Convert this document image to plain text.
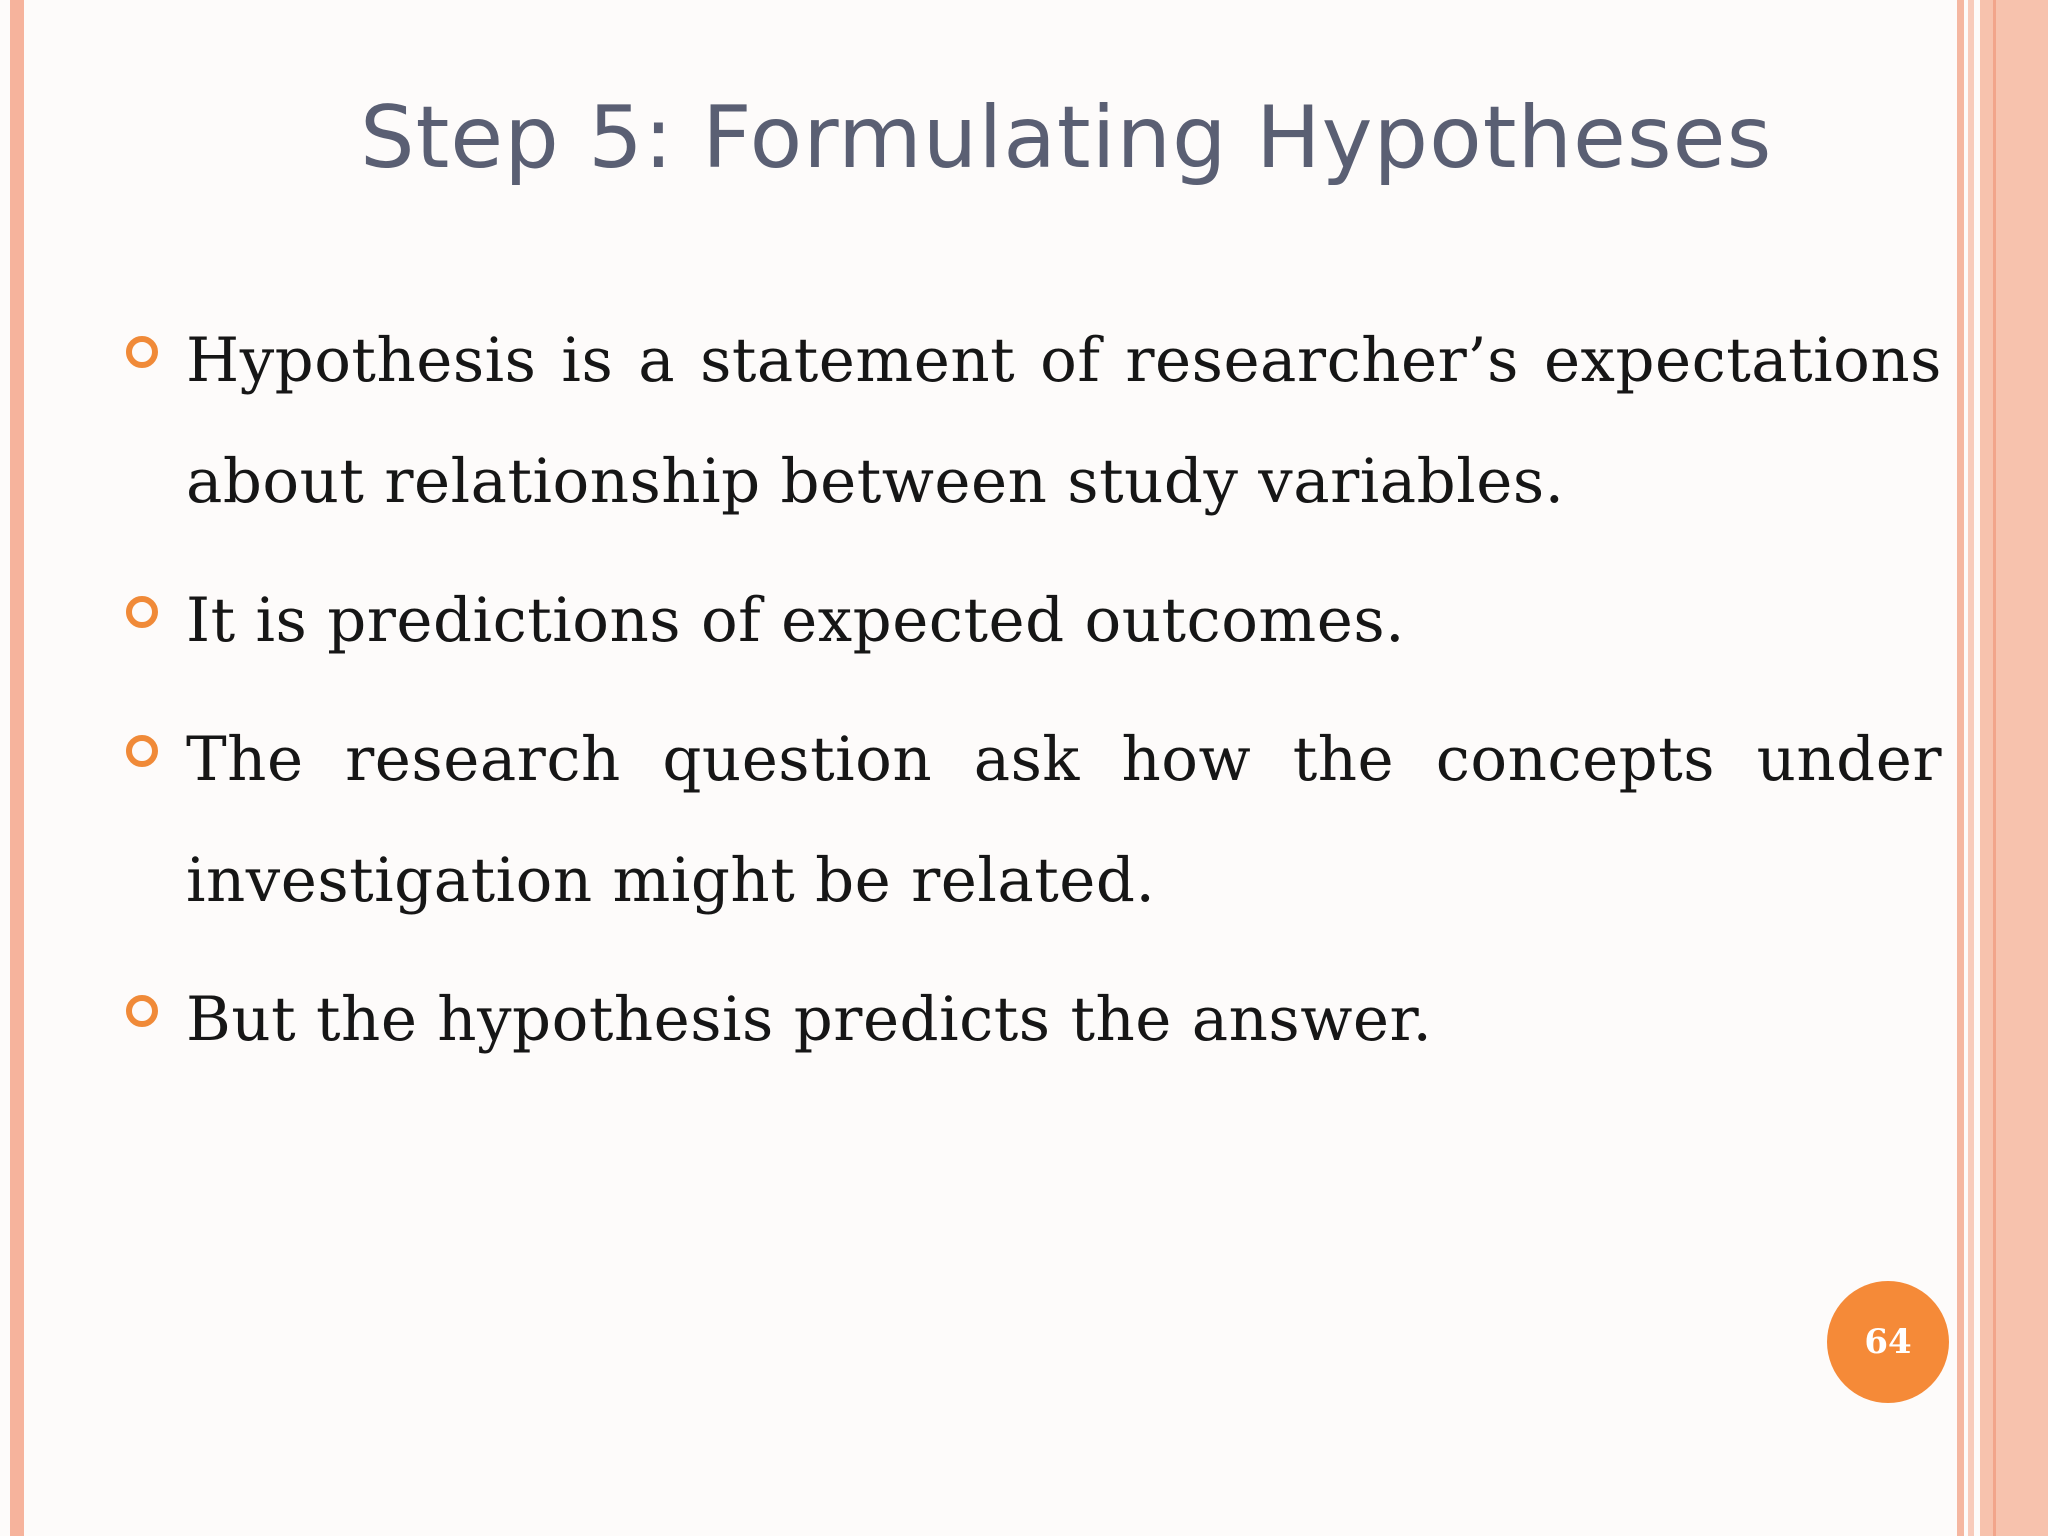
Step 5: Formulating Hypotheses
Hypothesis is a statement of researcher’s expectations about relationship between study variables.
It is predictions of expected outcomes.
The research question ask how the concepts under investigation might be related.
But the hypothesis predicts the answer.
64
